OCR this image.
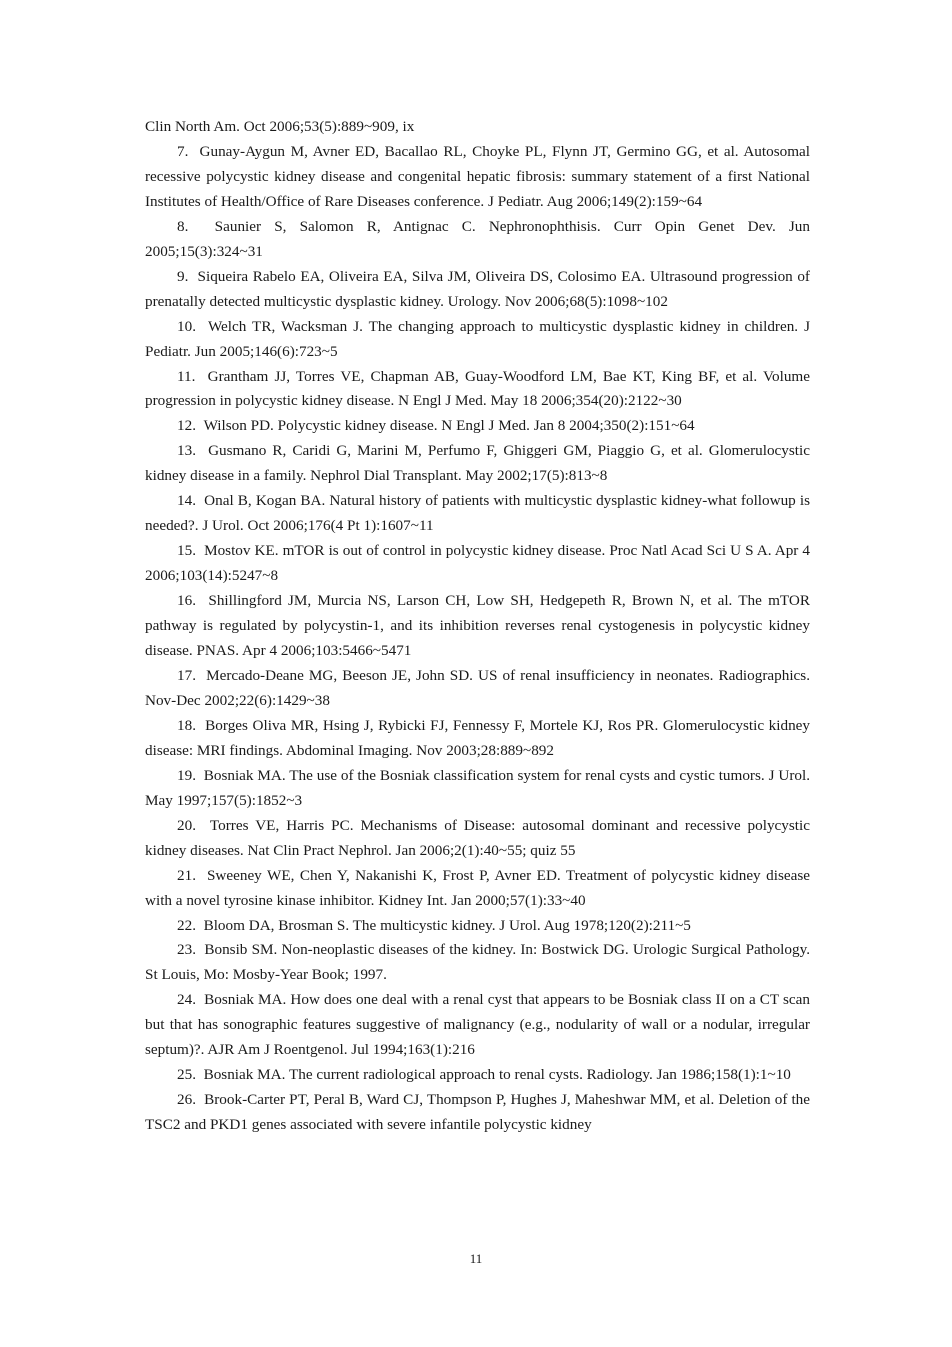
Clin North Am. Oct 2006;53(5):889~909, ix

7.  Gunay-Aygun M, Avner ED, Bacallao RL, Choyke PL, Flynn JT, Germino GG, et al. Autosomal recessive polycystic kidney disease and congenital hepatic fibrosis: summary statement of a first National Institutes of Health/Office of Rare Diseases conference. J Pediatr. Aug 2006;149(2):159~64

8.  Saunier S, Salomon R, Antignac C. Nephronophthisis. Curr Opin Genet Dev. Jun 2005;15(3):324~31

9.  Siqueira Rabelo EA, Oliveira EA, Silva JM, Oliveira DS, Colosimo EA. Ultrasound progression of prenatally detected multicystic dysplastic kidney. Urology. Nov 2006;68(5):1098~102

10.  Welch TR, Wacksman J. The changing approach to multicystic dysplastic kidney in children. J Pediatr. Jun 2005;146(6):723~5

11.  Grantham JJ, Torres VE, Chapman AB, Guay-Woodford LM, Bae KT, King BF, et al. Volume progression in polycystic kidney disease. N Engl J Med. May 18 2006;354(20):2122~30

12.  Wilson PD. Polycystic kidney disease. N Engl J Med. Jan 8 2004;350(2):151~64

13.  Gusmano R, Caridi G, Marini M, Perfumo F, Ghiggeri GM, Piaggio G, et al. Glomerulocystic kidney disease in a family. Nephrol Dial Transplant. May 2002;17(5):813~8

14.  Onal B, Kogan BA. Natural history of patients with multicystic dysplastic kidney-what followup is needed?. J Urol. Oct 2006;176(4 Pt 1):1607~11

15.  Mostov KE. mTOR is out of control in polycystic kidney disease. Proc Natl Acad Sci U S A. Apr 4 2006;103(14):5247~8

16.  Shillingford JM, Murcia NS, Larson CH, Low SH, Hedgepeth R, Brown N, et al. The mTOR pathway is regulated by polycystin-1, and its inhibition reverses renal cystogenesis in polycystic kidney disease. PNAS. Apr 4 2006;103:5466~5471

17.  Mercado-Deane MG, Beeson JE, John SD. US of renal insufficiency in neonates. Radiographics. Nov-Dec 2002;22(6):1429~38

18.  Borges Oliva MR, Hsing J, Rybicki FJ, Fennessy F, Mortele KJ, Ros PR. Glomerulocystic kidney disease: MRI findings. Abdominal Imaging. Nov 2003;28:889~892

19.  Bosniak MA. The use of the Bosniak classification system for renal cysts and cystic tumors. J Urol. May 1997;157(5):1852~3

20.  Torres VE, Harris PC. Mechanisms of Disease: autosomal dominant and recessive polycystic kidney diseases. Nat Clin Pract Nephrol. Jan 2006;2(1):40~55; quiz 55

21.  Sweeney WE, Chen Y, Nakanishi K, Frost P, Avner ED. Treatment of polycystic kidney disease with a novel tyrosine kinase inhibitor. Kidney Int. Jan 2000;57(1):33~40

22.  Bloom DA, Brosman S. The multicystic kidney. J Urol. Aug 1978;120(2):211~5

23.  Bonsib SM. Non-neoplastic diseases of the kidney. In: Bostwick DG. Urologic Surgical Pathology. St Louis, Mo: Mosby-Year Book; 1997.

24.  Bosniak MA. How does one deal with a renal cyst that appears to be Bosniak class II on a CT scan but that has sonographic features suggestive of malignancy (e.g., nodularity of wall or a nodular, irregular septum)?. AJR Am J Roentgenol. Jul 1994;163(1):216

25.  Bosniak MA. The current radiological approach to renal cysts. Radiology. Jan 1986;158(1):1~10

26.  Brook-Carter PT, Peral B, Ward CJ, Thompson P, Hughes J, Maheshwar MM, et al. Deletion of the TSC2 and PKD1 genes associated with severe infantile polycystic kidney

11
